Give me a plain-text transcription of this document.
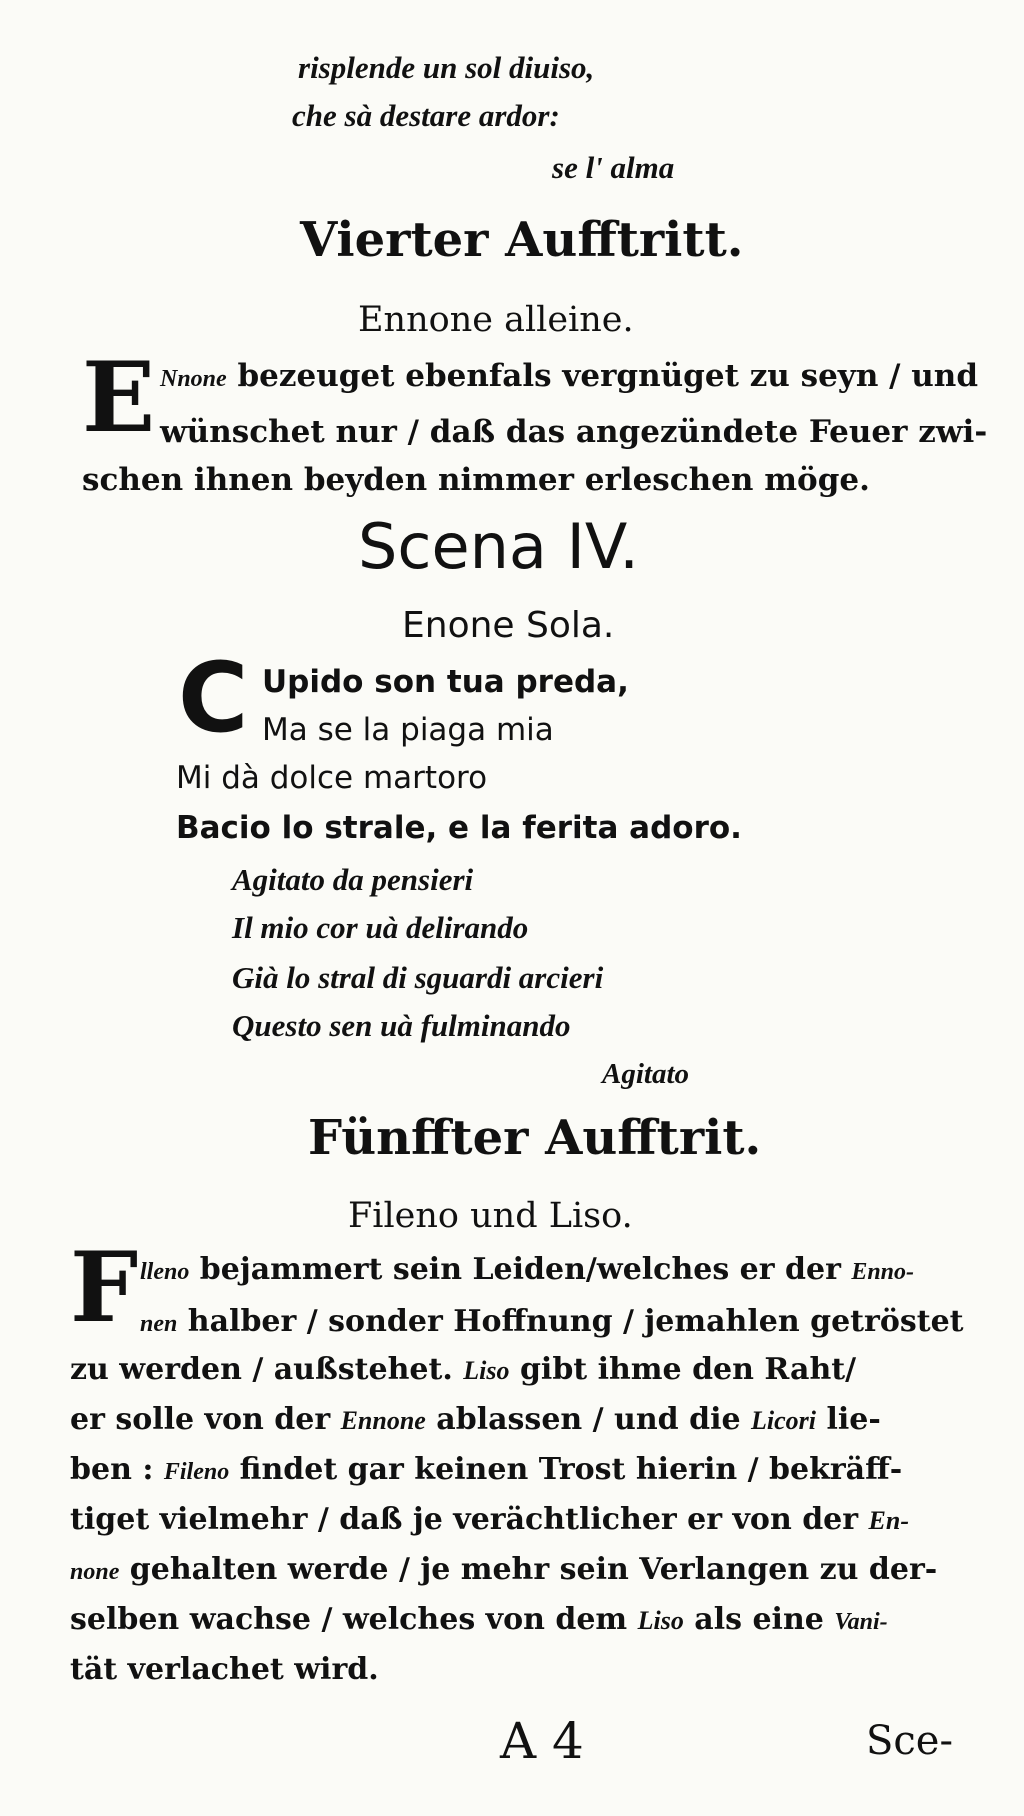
risplende un sol diuiso,
che sà destare ardor:
se l' alma
Vierter Aufftritt.
Ennone alleine.
E Nnone bezeuget ebenfals vergnüget zu seyn / und
wünschet nur / daß das angezündete Feuer zwi-
schen ihnen beyden nimmer erleschen möge.
Scena IV.
Enone Sola.
C Upido son tua preda,
Ma se la piaga mia
Mi dà dolce martoro
Bacio lo strale, e la ferita adoro.
Agitato da pensieri
Il mio cor uà delirando
Già lo stral di sguardi arcieri
Questo sen uà fulminando
Agitato
Fünffter Aufftrit.
Fileno und Liso.
F lleno bejammert sein Leiden/welches er der Enno-
nen halber / sonder Hoffnung / jemahlen getröstet
zu werden / außstehet. Liso gibt ihme den Raht/
er solle von der Ennone ablassen / und die Licori lie-
ben : Fileno findet gar keinen Trost hierin / bekräff-
tiget vielmehr / daß je verächtlicher er von der En-
none gehalten werde / je mehr sein Verlangen zu der-
selben wachse / welches von dem Liso als eine Vani-
tät verlachet wird.
A 4	Sce-
